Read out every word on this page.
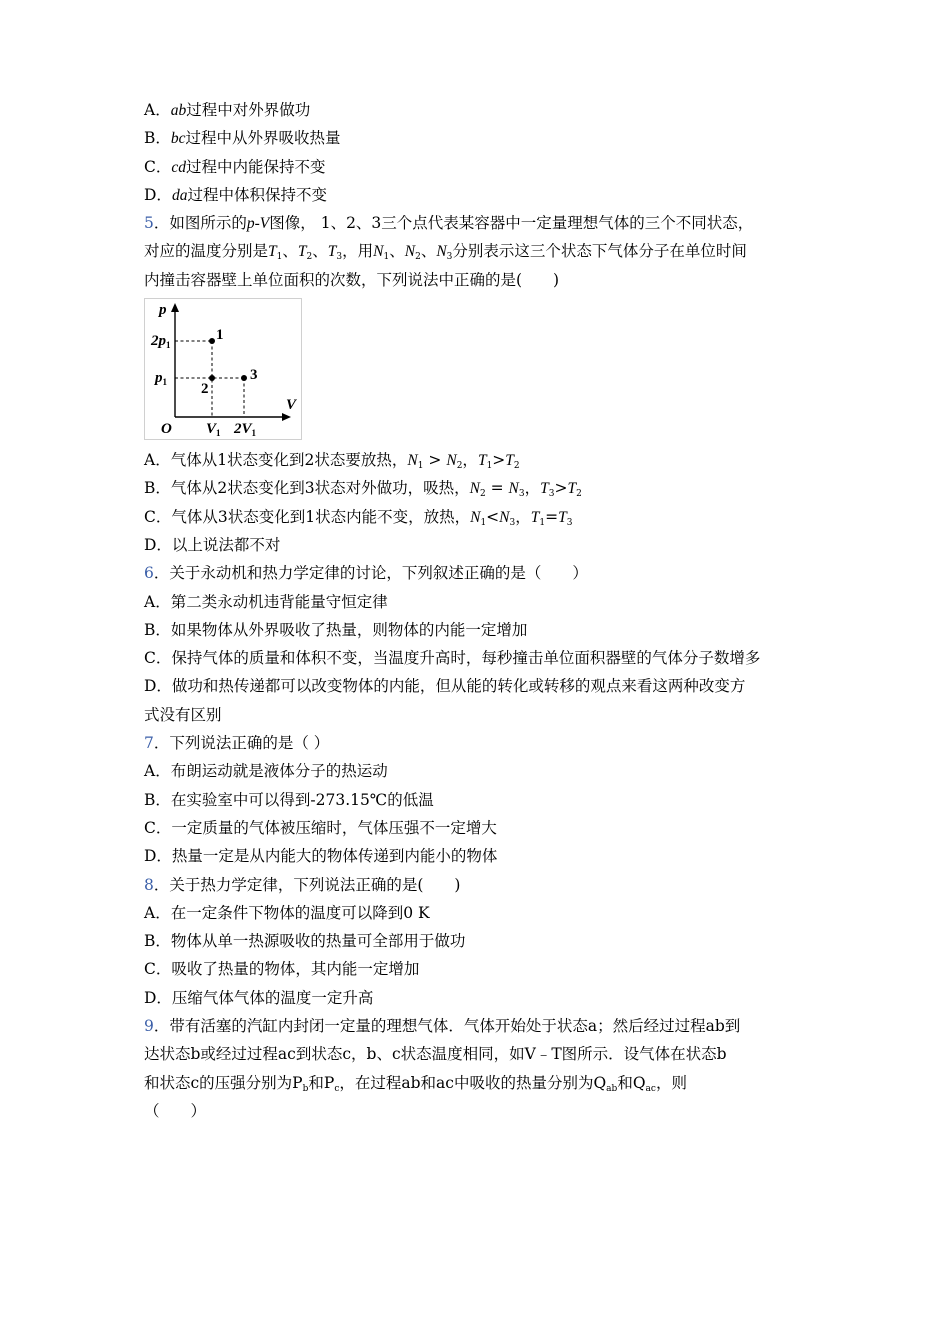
A．ab过程中对外界做功
B．bc过程中从外界吸收热量
C．cd过程中内能保持不变
D．da过程中体积保持不变
5．如图所示的p-V图像， 1、2、3三个点代表某容器中一定量理想气体的三个不同状态，
对应的温度分别是$T_1$、$T_2$、$T_3$，用$N_1$、$N_2$、$N_3$分别表示这三个状态下气体分子在单位时间
内撞击容器壁上单位面积的次数，下列说法中正确的是(　　)
p
V
O
$2p_1$
$p_1$
$V_1$ $2V_1$
1
2
3
A．气体从1状态变化到2状态要放热，$N_1 > N_2$，$T_1>T_2$
B．气体从2状态变化到3状态对外做功，吸热，$N_2 = N_3$，$T_3>T_2$
C．气体从3状态变化到1状态内能不变，放热，$N_1<N_3$，$T_1=T_3$
D．以上说法都不对
6．关于永动机和热力学定律的讨论，下列叙述正确的是（　　）
A．第二类永动机违背能量守恒定律
B．如果物体从外界吸收了热量，则物体的内能一定增加
C．保持气体的质量和体积不变，当温度升高时，每秒撞击单位面积器壁的气体分子数增多
D．做功和热传递都可以改变物体的内能，但从能的转化或转移的观点来看这两种改变方
式没有区别
7．下列说法正确的是（ ）
A．布朗运动就是液体分子的热运动
B．在实验室中可以得到-273.15℃的低温
C．一定质量的气体被压缩时，气体压强不一定增大
D．热量一定是从内能大的物体传递到内能小的物体
8．关于热力学定律，下列说法正确的是(　　)
A．在一定条件下物体的温度可以降到0 K
B．物体从单一热源吸收的热量可全部用于做功
C．吸收了热量的物体，其内能一定增加
D．压缩气体气体的温度一定升高
9．带有活塞的汽缸内封闭一定量的理想气体．气体开始处于状态a；然后经过过程ab到
达状态b或经过过程ac到状态c，b、c状态温度相同，如V﹣T图所示．设气体在状态b
和状态c的压强分别为$P_b$和$P_c$，在过程ab和ac中吸收的热量分别为$Q_{ab}$和$Q_{ac}$，则
（　　）
